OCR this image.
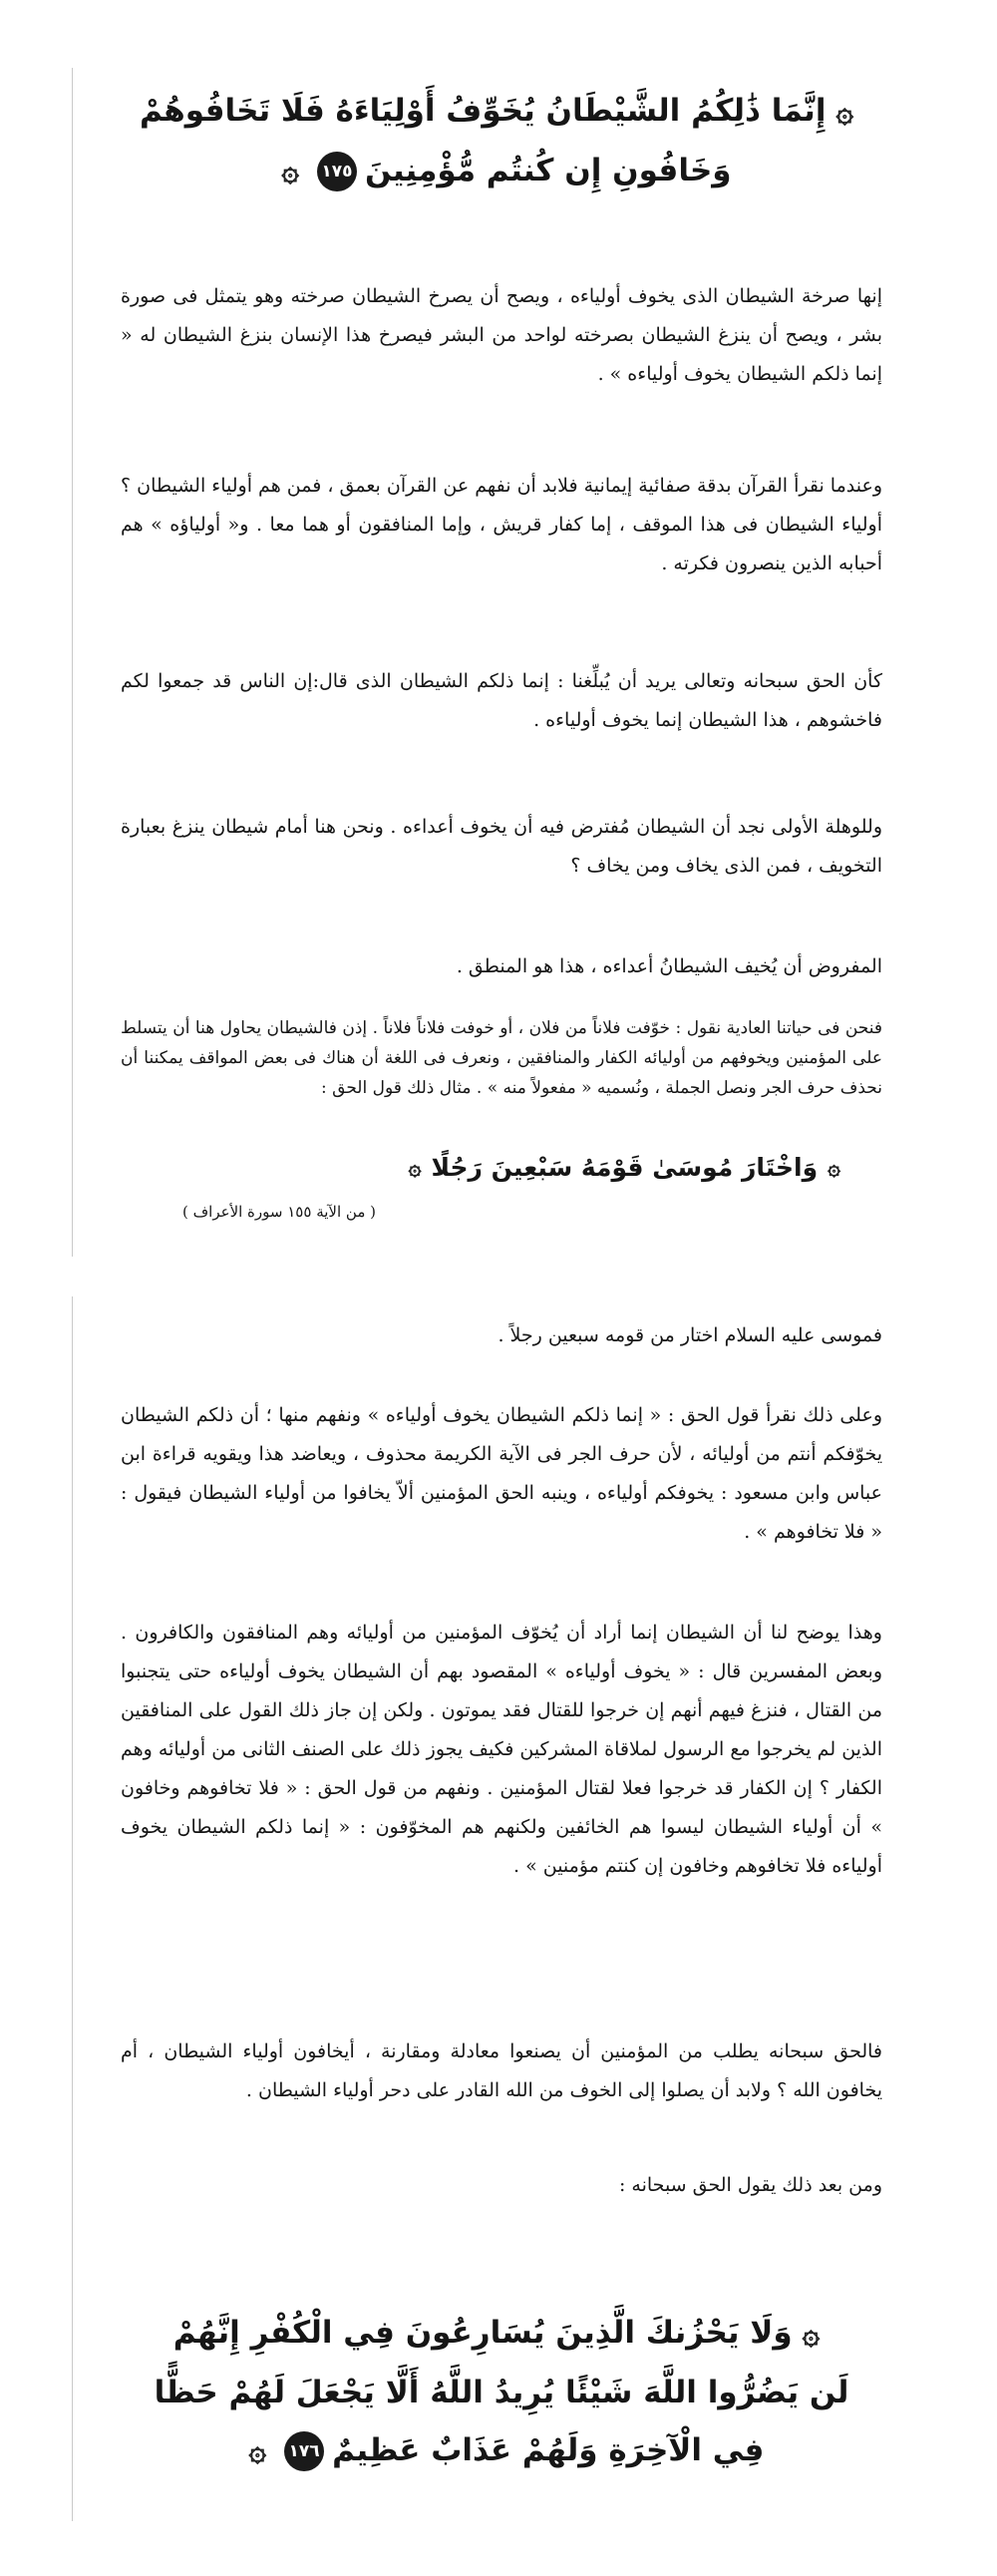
۞إِنَّمَا ذَٰلِكُمُ الشَّيْطَانُ يُخَوِّفُ أَوْلِيَاءَهُ فَلَا تَخَافُوهُمْ
وَخَافُونِ إِن كُنتُم مُّؤْمِنِينَ١٧٥۞

إنها صرخة الشيطان الذى يخوف أولياءه ، ويصح أن يصرخ الشيطان صرخته وهو يتمثل فى صورة بشر ، ويصح أن ينزغ الشيطان بصرخته لواحد من البشر فيصرخ هذا الإنسان بنزغ الشيطان له « إنما ذلكم الشيطان يخوف أولياءه » .

وعندما نقرأ القرآن بدقة صفائية إيمانية فلابد أن نفهم عن القرآن بعمق ، فمن هم أولياء الشيطان ؟ أولياء الشيطان فى هذا الموقف ، إما كفار قريش ، وإما المنافقون أو هما معا . و« أولياؤه » هم أحبابه الذين ينصرون فكرته .

كأن الحق سبحانه وتعالى يريد أن يُبلِّغنا : إنما ذلكم الشيطان الذى قال:إن الناس قد جمعوا لكم فاخشوهم ، هذا الشيطان إنما يخوف أولياءه .

وللوهلة الأولى نجد أن الشيطان مُفترض فيه أن يخوف أعداءه . ونحن هنا أمام شيطان ينزغ بعبارة التخويف ، فمن الذى يخاف ومن يخاف ؟

المفروض أن يُخيف الشيطانُ أعداءه ، هذا هو المنطق .

فنحن فى حياتنا العادية نقول : خوّفت فلاناً من فلان ، أو خوفت فلاناً فلاناً . إذن فالشيطان يحاول هنا أن يتسلط على المؤمنين ويخوفهم من أوليائه الكفار والمنافقين ، ونعرف فى اللغة أن هناك فى بعض المواقف يمكننا أن نحذف حرف الجر ونصل الجملة ، ونُسميه « مفعولاً منه » . مثال ذلك قول الحق :

۞وَاخْتَارَ مُوسَىٰ قَوْمَهُ سَبْعِينَ رَجُلًا۞
( من الآية ١٥٥ سورة الأعراف )

فموسى عليه السلام اختار من قومه سبعين رجلاً .

وعلى ذلك نقرأ قول الحق : « إنما ذلكم الشيطان يخوف أولياءه » ونفهم منها ؛ أن ذلكم الشيطان يخوّفكم أنتم من أوليائه ، لأن حرف الجر فى الآية الكريمة محذوف ، ويعاضد هذا ويقويه قراءة ابن عباس وابن مسعود : يخوفكم أولياءه ، وينبه الحق المؤمنين ألاّ يخافوا من أولياء الشيطان فيقول : « فلا تخافوهم » .

وهذا يوضح لنا أن الشيطان إنما أراد أن يُخوّف المؤمنين من أوليائه وهم المنافقون والكافرون . وبعض المفسرين قال : « يخوف أولياءه » المقصود بهم أن الشيطان يخوف أولياءه حتى يتجنبوا من القتال ، فنزغ فيهم أنهم إن خرجوا للقتال فقد يموتون . ولكن إن جاز ذلك القول على المنافقين الذين لم يخرجوا مع الرسول لملاقاة المشركين فكيف يجوز ذلك على الصنف الثانى من أوليائه وهم الكفار ؟ إن الكفار قد خرجوا فعلا لقتال المؤمنين . ونفهم من قول الحق : « فلا تخافوهم وخافون » أن أولياء الشيطان ليسوا هم الخائفين ولكنهم هم المخوّفون : « إنما ذلكم الشيطان يخوف أولياءه فلا تخافوهم وخافون إن كنتم مؤمنين » .

فالحق سبحانه يطلب من المؤمنين أن يصنعوا معادلة ومقارنة ، أيخافون أولياء الشيطان ، أم يخافون الله ؟ ولابد أن يصلوا إلى الخوف من الله القادر على دحر أولياء الشيطان .

ومن بعد ذلك يقول الحق سبحانه :

۞وَلَا يَحْزُنكَ الَّذِينَ يُسَارِعُونَ فِي الْكُفْرِ إِنَّهُمْ
لَن يَضُرُّوا اللَّهَ شَيْئًا يُرِيدُ اللَّهُ أَلَّا يَجْعَلَ لَهُمْ حَظًّا
فِي الْآخِرَةِ وَلَهُمْ عَذَابٌ عَظِيمٌ١٧٦۞
